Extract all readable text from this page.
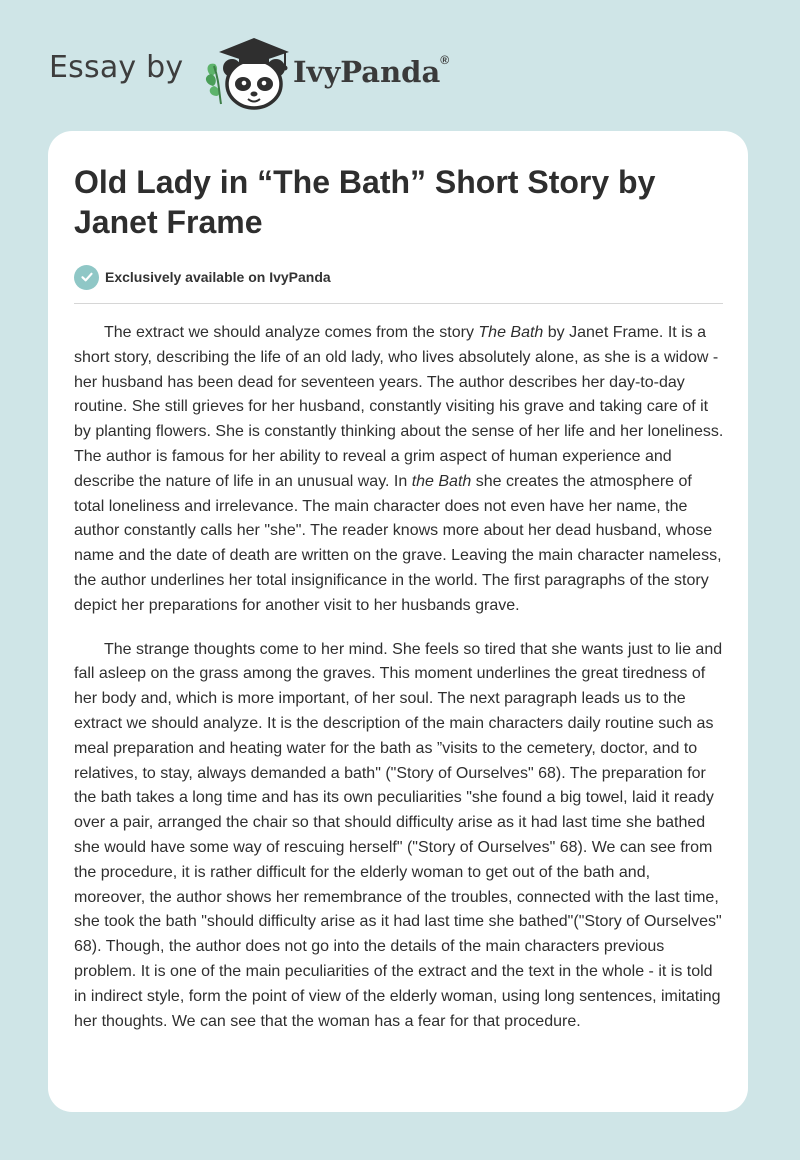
Essay by	IvyPanda®
Old Lady in “The Bath” Short Story by Janet Frame
Exclusively available on IvyPanda

The extract we should analyze comes from the story The Bath by Janet Frame. It is a short story, describing the life of an old lady, who lives absolutely alone, as she is a widow -her husband has been dead for seventeen years. The author describes her day-to-day routine. She still grieves for her husband, constantly visiting his grave and taking care of it by planting flowers. She is constantly thinking about the sense of her life and her loneliness. The author is famous for her ability to reveal a grim aspect of human experience and describe the nature of life in an unusual way. In the Bath she creates the atmosphere of total loneliness and irrelevance. The main character does not even have her name, the author constantly calls her "she". The reader knows more about her dead husband, whose name and the date of death are written on the grave. Leaving the main character nameless, the author underlines her total insignificance in the world. The first paragraphs of the story depict her preparations for another visit to her husbands grave.

The strange thoughts come to her mind. She feels so tired that she wants just to lie and fall asleep on the grass among the graves. This moment underlines the great tiredness of her body and, which is more important, of her soul. The next paragraph leads us to the extract we should analyze. It is the description of the main characters daily routine such as meal preparation and heating water for the bath as ”visits to the cemetery, doctor, and to relatives, to stay, always demanded a bath" ("Story of Ourselves" 68). The preparation for the bath takes a long time and has its own peculiarities "she found a big towel, laid it ready over a pair, arranged the chair so that should difficulty arise as it had last time she bathed she would have some way of rescuing herself" ("Story of Ourselves" 68). We can see from the procedure, it is rather difficult for the elderly woman to get out of the bath and, moreover, the author shows her remembrance of the troubles, connected with the last time, she took the bath "should difficulty arise as it had last time she bathed"("Story of Ourselves" 68). Though, the author does not go into the details of the main characters previous problem. It is one of the main peculiarities of the extract and the text in the whole - it is told in indirect style, form the point of view of the elderly woman, using long sentences, imitating her thoughts. We can see that the woman has a fear for that procedure.
